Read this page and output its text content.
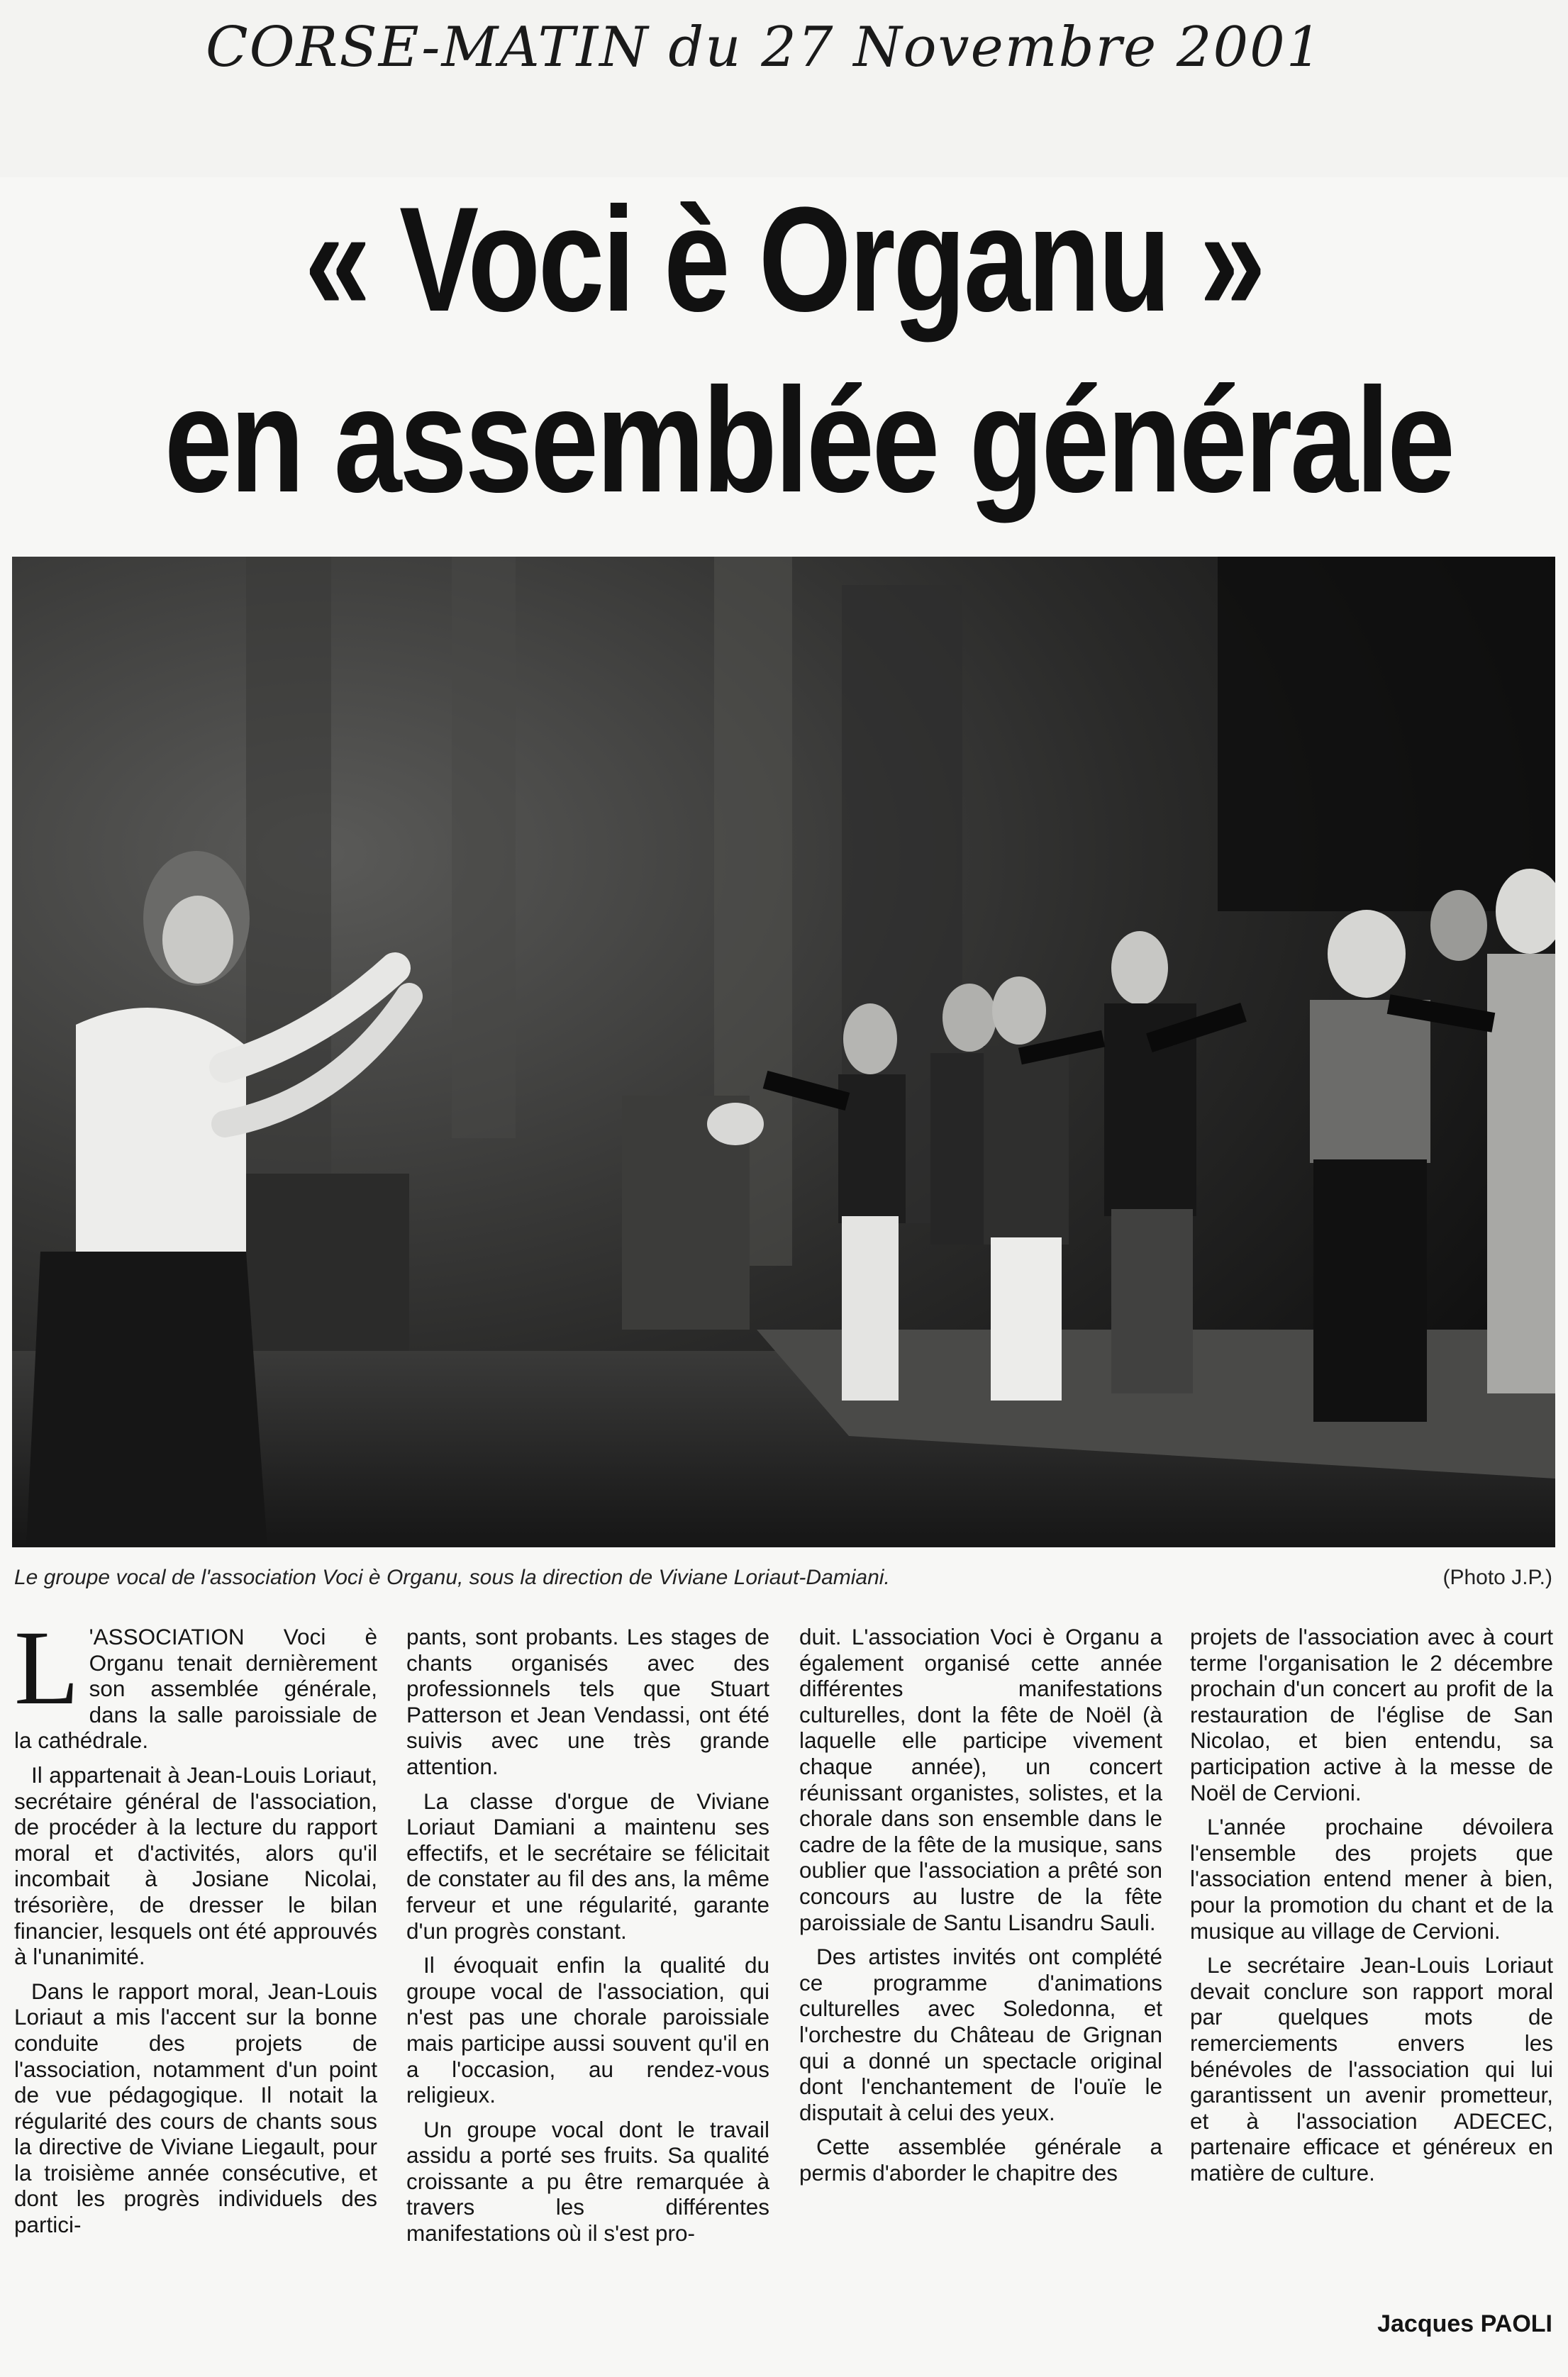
CORSE-MATIN du 27 Novembre 2001

« Voci è Organu »
en assemblée générale
Le groupe vocal de l'association Voci è Organu, sous la direction de Viviane Loriaut-Damiani.	(Photo J.P.)

L 'ASSOCIATION Voci è Organu tenait dernièrement son assemblée générale, dans la salle paroissiale de la cathédrale.

Il appartenait à Jean-Louis Loriaut, secrétaire général de l'association, de procéder à la lecture du rapport moral et d'activités, alors qu'il incombait à Josiane Nicolai, trésorière, de dresser le bilan financier, lesquels ont été approuvés à l'unanimité.

Dans le rapport moral, Jean-Louis Loriaut a mis l'accent sur la bonne conduite des projets de l'association, notamment d'un point de vue pédagogique. Il notait la régularité des cours de chants sous la directive de Viviane Liegault, pour la troisième année consécutive, et dont les progrès individuels des partici-

pants, sont probants. Les stages de chants organisés avec des professionnels tels que Stuart Patterson et Jean Vendassi, ont été suivis avec une très grande attention.

La classe d'orgue de Viviane Loriaut Damiani a maintenu ses effectifs, et le secrétaire se félicitait de constater au fil des ans, la même ferveur et une régularité, garante d'un progrès constant.

Il évoquait enfin la qualité du groupe vocal de l'association, qui n'est pas une chorale paroissiale mais participe aussi souvent qu'il en a l'occasion, au rendez-vous religieux.

Un groupe vocal dont le travail assidu a porté ses fruits. Sa qualité croissante a pu être remarquée à travers les différentes manifestations où il s'est pro-

duit. L'association Voci è Organu a également organisé cette année différentes manifestations culturelles, dont la fête de Noël (à laquelle elle participe vivement chaque année), un concert réunissant organistes, solistes, et la chorale dans son ensemble dans le cadre de la fête de la musique, sans oublier que l'association a prêté son concours au lustre de la fête paroissiale de Santu Lisandru Sauli.

Des artistes invités ont complété ce programme d'animations culturelles avec Soledonna, et l'orchestre du Château de Grignan qui a donné un spectacle original dont l'enchantement de l'ouïe le disputait à celui des yeux.

Cette assemblée générale a permis d'aborder le chapitre des

projets de l'association avec à court terme l'organisation le 2 décembre prochain d'un concert au profit de la restauration de l'église de San Nicolao, et bien entendu, sa participation active à la messe de Noël de Cervioni.

L'année prochaine dévoilera l'ensemble des projets que l'association entend mener à bien, pour la promotion du chant et de la musique au village de Cervioni.

Le secrétaire Jean-Louis Loriaut devait conclure son rapport moral par quelques mots de remerciements envers les bénévoles de l'association qui lui garantissent un avenir prometteur, et à l'association ADECEC, partenaire efficace et généreux en matière de culture.

Jacques PAOLI
